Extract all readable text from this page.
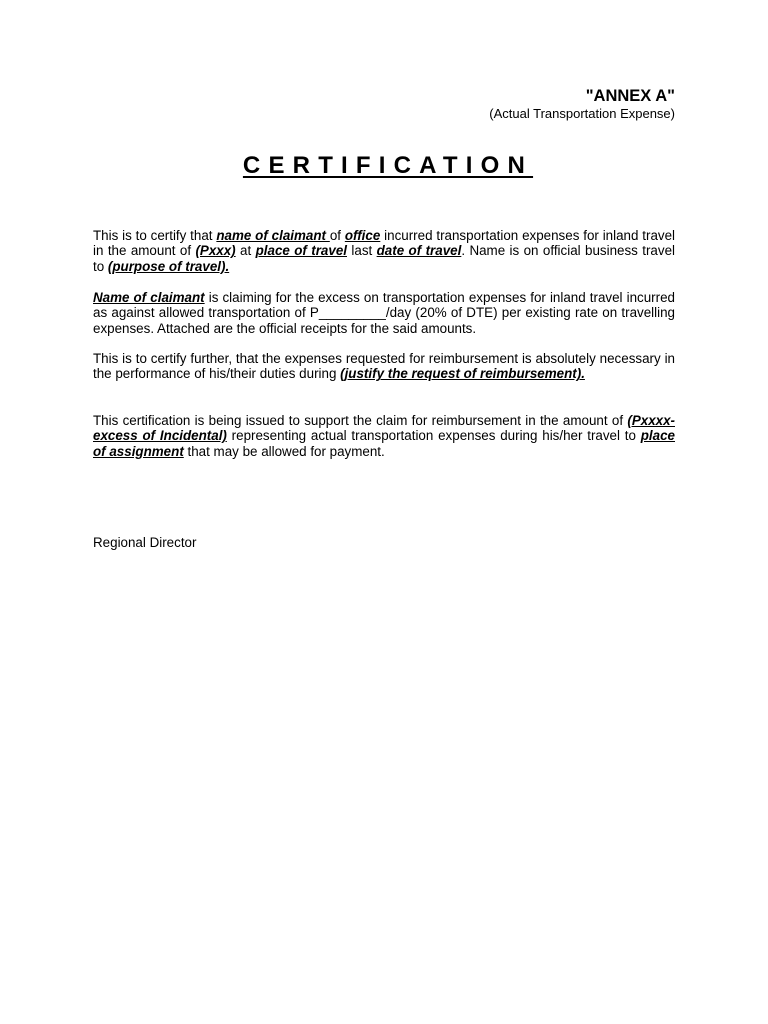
"ANNEX A"
(Actual Transportation Expense)
CERTIFICATION

This is to certify that name of claimant of office incurred transportation expenses for inland travel in the amount of (Pxxx) at place of travel last date of travel. Name is on official business travel to (purpose of travel).

Name of claimant is claiming for the excess on transportation expenses for inland travel incurred as against allowed transportation of P_________/day (20% of DTE) per existing rate on travelling expenses. Attached are the official receipts for the said amounts.

This is to certify further, that the expenses requested for reimbursement is absolutely necessary in the performance of his/their duties during (justify the request of reimbursement).

This certification is being issued to support the claim for reimbursement in the amount of (Pxxxx- excess of Incidental) representing actual transportation expenses during his/her travel to place of assignment that may be allowed for payment.

Regional Director
